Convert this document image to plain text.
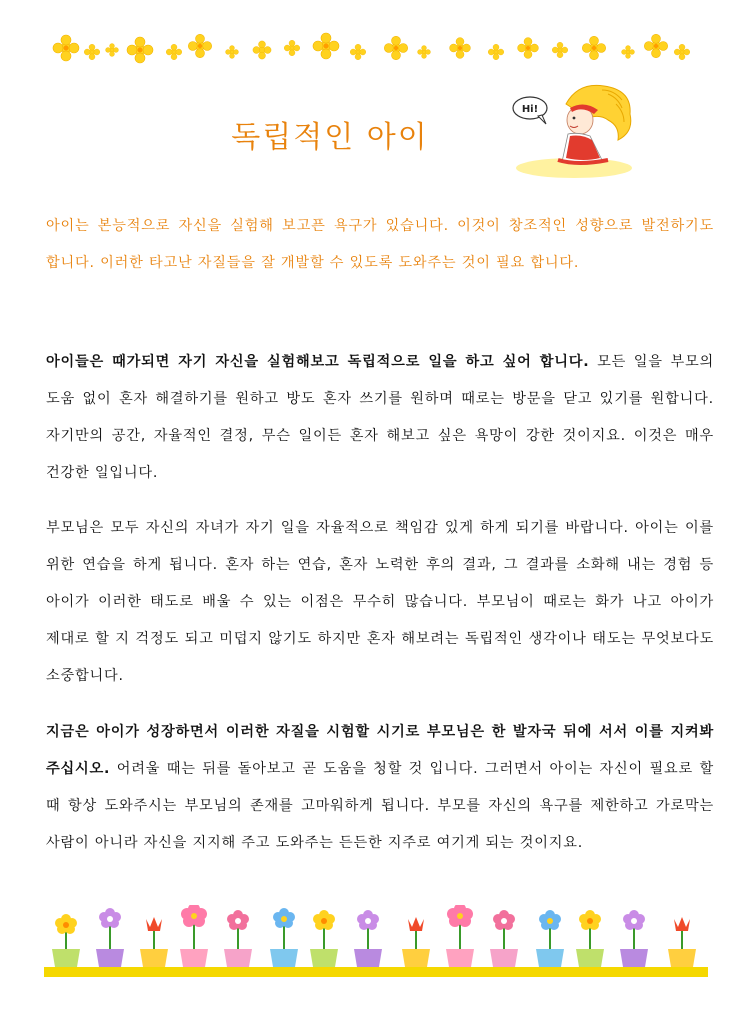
독립적인 아이
Hi!

아이는 본능적으로 자신을 실험해 보고픈 욕구가 있습니다. 이것이 창조적인 성향으로 발전하기도 합니다. 이러한 타고난 자질들을 잘 개발할 수 있도록 도와주는 것이 필요 합니다.

아이들은 때가되면 자기 자신을 실험해보고 독립적으로 일을 하고 싶어 합니다. 모든 일을 부모의 도움 없이 혼자 해결하기를 원하고 방도 혼자 쓰기를 원하며 때로는 방문을 닫고 있기를 원합니다. 자기만의 공간, 자율적인 결정, 무슨 일이든 혼자 해보고 싶은 욕망이 강한 것이지요. 이것은 매우 건강한 일입니다.

부모님은 모두 자신의 자녀가 자기 일을 자율적으로 책임감 있게 하게 되기를 바랍니다. 아이는 이를 위한 연습을 하게 됩니다. 혼자 하는 연습, 혼자 노력한 후의 결과, 그 결과를 소화해 내는 경험 등 아이가 이러한 태도로 배울 수 있는 이점은 무수히 많습니다. 부모님이 때로는 화가 나고 아이가 제대로 할 지 걱정도 되고 미덥지 않기도 하지만 혼자 해보려는 독립적인 생각이나 태도는 무엇보다도 소중합니다.

지금은 아이가 성장하면서 이러한 자질을 시험할 시기로 부모님은 한 발자국 뒤에 서서 이를 지켜봐 주십시오. 어려울 때는 뒤를 돌아보고 곧 도움을 청할 것 입니다. 그러면서 아이는 자신이 필요로 할 때 항상 도와주시는 부모님의 존재를 고마워하게 됩니다. 부모를 자신의 욕구를 제한하고 가로막는 사람이 아니라 자신을 지지해 주고 도와주는 든든한 지주로 여기게 되는 것이지요.
